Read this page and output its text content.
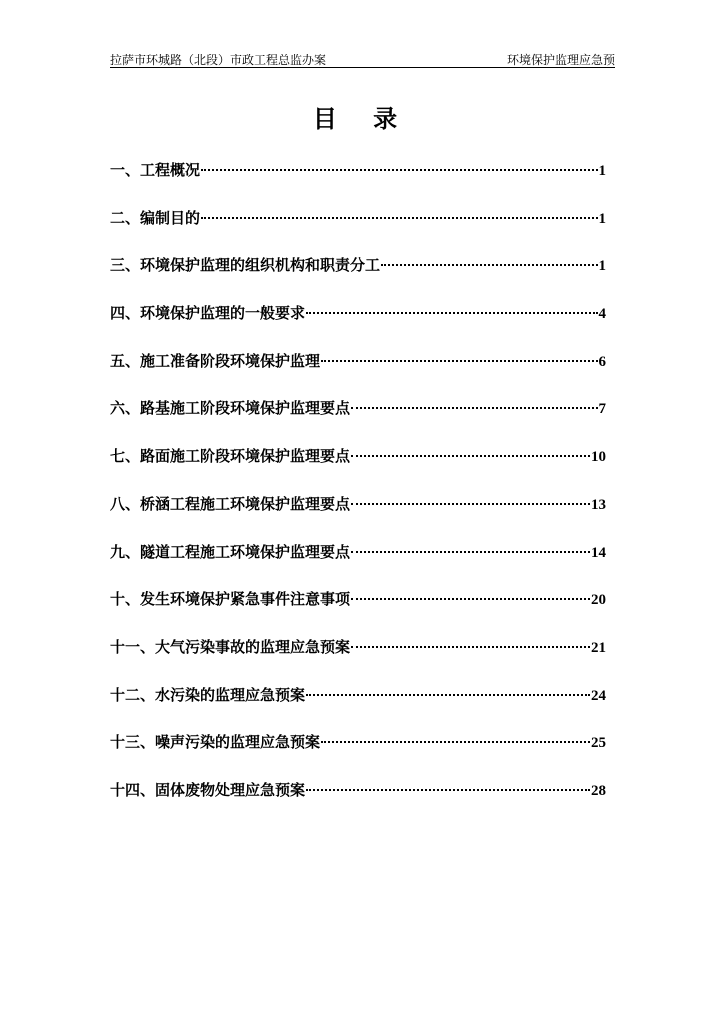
拉萨市环城路（北段）市政工程总监办案	环境保护监理应急预
目 录
一、工程概况	1
二、编制目的	1
三、环境保护监理的组织机构和职责分工	1
四、环境保护监理的一般要求	4
五、施工准备阶段环境保护监理	6
六、路基施工阶段环境保护监理要点	7
七、路面施工阶段环境保护监理要点	10
八、桥涵工程施工环境保护监理要点	13
九、隧道工程施工环境保护监理要点	14
十、发生环境保护紧急事件注意事项	20
十一、大气污染事故的监理应急预案	21
十二、水污染的监理应急预案	24
十三、噪声污染的监理应急预案	25
十四、固体废物处理应急预案	28
